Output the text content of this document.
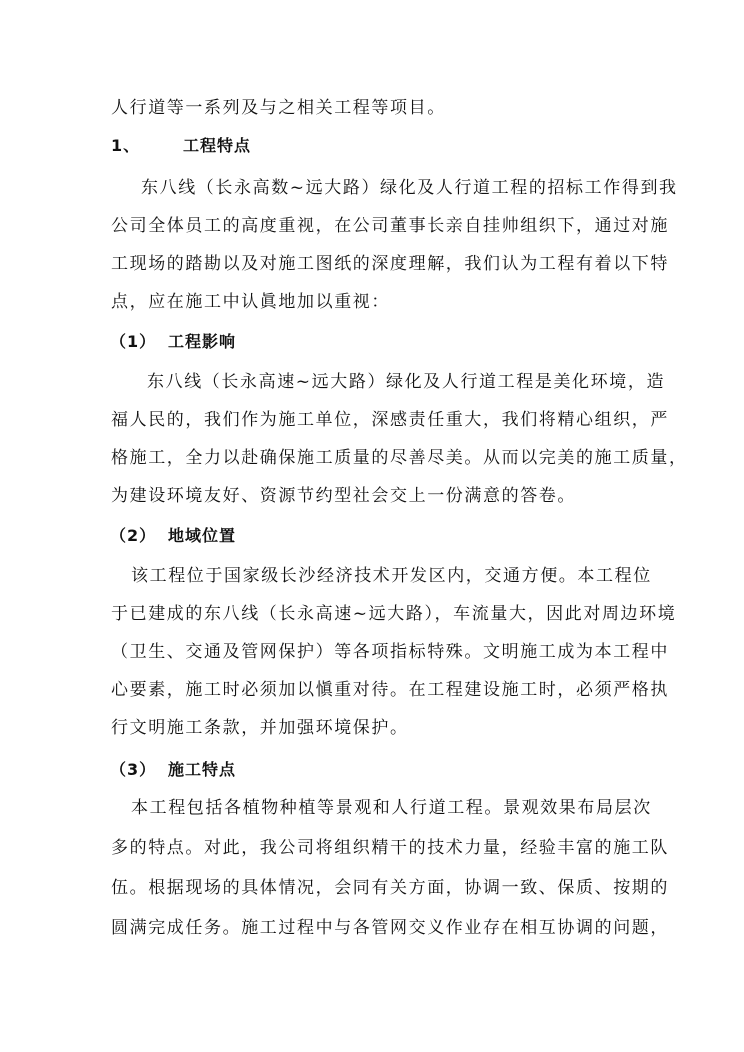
人行道等一系列及与之相关工程等项目。
1、	工程特点
东八线（长永高数~远大路）绿化及人行道工程的招标工作得到我
公司全体员工的高度重视，在公司董事长亲自挂帅组织下，通过对施
工现场的踏勘以及对施工图纸的深度理解，我们认为工程有着以下特
点，应在施工中认眞地加以重视：
（1） 工程影响
东八线（长永高速~远大路）绿化及人行道工程是美化环境，造
福人民的，我们作为施工单位，深感责任重大，我们将精心组织，严
格施工，全力以赴确保施工质量的尽善尽美。从而以完美的施工质量，
为建设环境友好、资源节约型社会交上一份满意的答卷。
（2） 地域位置
该工程位于国家级长沙经济技术开发区内，交通方便。本工程位
于已建成的东八线（长永高速~远大路），车流量大，因此对周边环境
（卫生、交通及管网保护）等各项指标特殊。文明施工成为本工程中
心要素，施工时必须加以愼重对待。在工程建设施工时，必须严格执
行文明施工条款，并加强环境保护。
（3） 施工特点
本工程包括各植物种植等景观和人行道工程。景观效果布局层次
多的特点。对此，我公司将组织精干的技术力量，经验丰富的施工队
伍。根据现场的具体情况，会同有关方面，协调一致、保质、按期的
圆满完成任务。施工过程中与各管网交义作业存在相互协调的问题，
